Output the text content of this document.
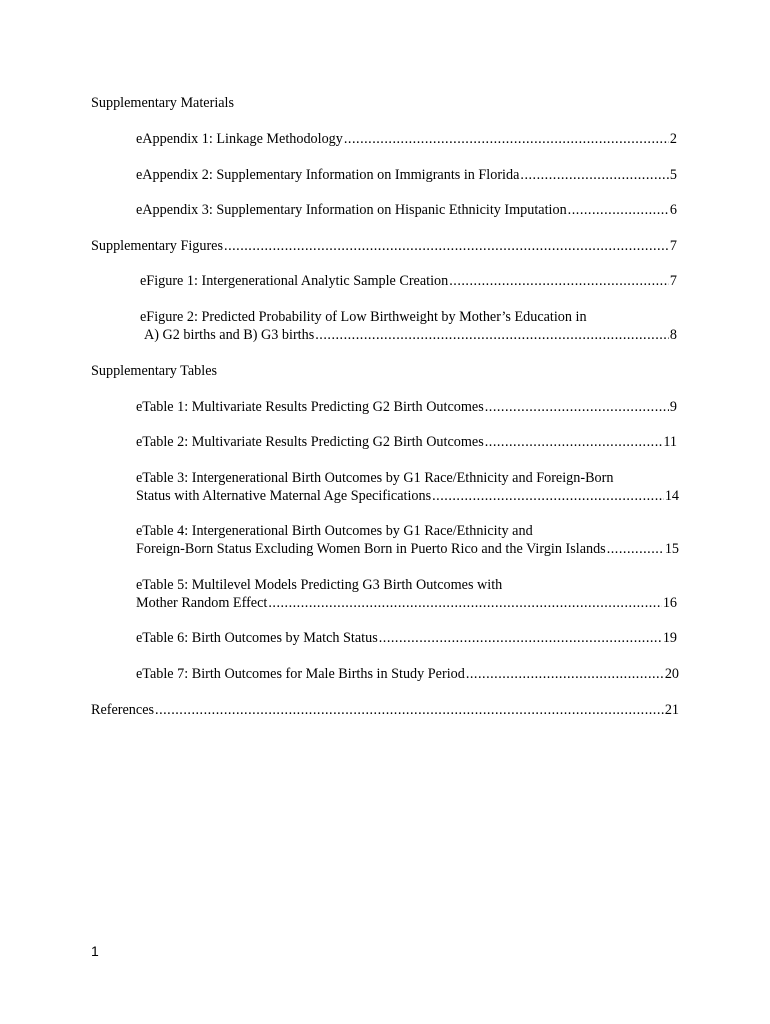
Supplementary Materials
eAppendix 1: Linkage Methodology .....	2
eAppendix 2: Supplementary Information on Immigrants in Florida .....	5
eAppendix 3: Supplementary Information on Hispanic Ethnicity Imputation .....	6
Supplementary Figures .....	7
eFigure 1: Intergenerational Analytic Sample Creation .....	7
eFigure 2: Predicted Probability of Low Birthweight by Mother’s Education in
A) G2 births and B) G3 births .....	8
Supplementary Tables
eTable 1: Multivariate Results Predicting G2 Birth Outcomes .....	9
eTable 2: Multivariate Results Predicting G2 Birth Outcomes .....	11
eTable 3: Intergenerational Birth Outcomes by G1 Race/Ethnicity and Foreign-Born
Status with Alternative Maternal Age Specifications .....	14
eTable 4: Intergenerational Birth Outcomes by G1 Race/Ethnicity and
Foreign-Born Status Excluding Women Born in Puerto Rico and the Virgin Islands .....	15
eTable 5: Multilevel Models Predicting G3 Birth Outcomes with
Mother Random Effect .....	16
eTable 6: Birth Outcomes by Match Status .....	19
eTable 7: Birth Outcomes for Male Births in Study Period .....	20
References .....	21
1
